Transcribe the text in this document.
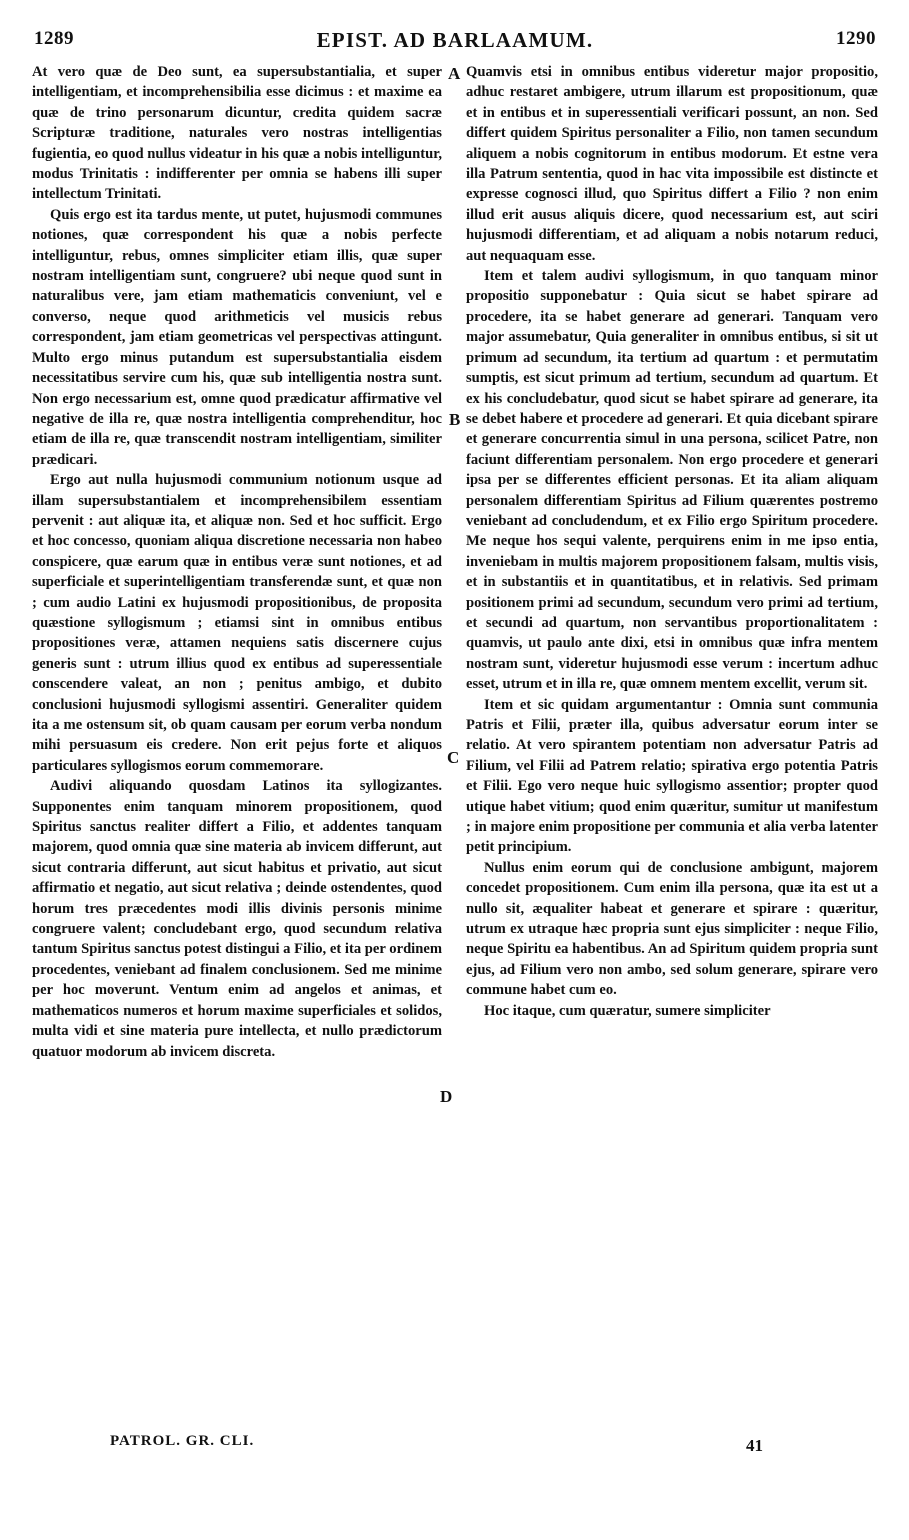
1289	EPIST. AD BARLAAMUM.	1290

At vero quæ de Deo sunt, ea supersubstantialia, et super intelligentiam, et incomprehensibilia esse dicimus : et maxime ea quæ de trino personarum dicuntur, credita quidem sacræ Scripturæ traditione, naturales vero nostras intelligentias fugientia, eo quod nullus videatur in his quæ a nobis intelliguntur, modus Trinitatis : indifferenter per omnia se habens illi super intellectum Trinitati.

Quis ergo est ita tardus mente, ut putet, hujusmodi communes notiones, quæ correspondent his quæ a nobis perfecte intelliguntur, rebus, omnes simpliciter etiam illis, quæ super nostram intelligentiam sunt, congruere? ubi neque quod sunt in naturalibus vere, jam etiam mathematicis conveniunt, vel e converso, neque quod arithmeticis vel musicis rebus correspondent, jam etiam geometricas vel perspectivas attingunt. Multo ergo minus putandum est supersubstantialia eisdem necessitatibus servire cum his, quæ sub intelligentia nostra sunt. Non ergo necessarium est, omne quod prædicatur affirmative vel negative de illa re, quæ nostra intelligentia comprehenditur, hoc etiam de illa re, quæ transcendit nostram intelligentiam, similiter prædicari.

Ergo aut nulla hujusmodi communium notionum usque ad illam supersubstantialem et incomprehensibilem essentiam pervenit : aut aliquæ ita, et aliquæ non. Sed et hoc sufficit. Ergo et hoc concesso, quoniam aliqua discretione necessaria non habeo conspicere, quæ earum quæ in entibus veræ sunt notiones, et ad superficiale et superintelligentiam transferendæ sunt, et quæ non ; cum audio Latini ex hujusmodi propositionibus, de proposita quæstione syllogismum ; etiamsi sint in omnibus entibus propositiones veræ, attamen nequiens satis discernere cujus generis sunt : utrum illius quod ex entibus ad superessentiale conscendere valeat, an non ; penitus ambigo, et dubito conclusioni hujusmodi syllogismi assentiri. Generaliter quidem ita a me ostensum sit, ob quam causam per eorum verba nondum mihi persuasum eis credere. Non erit pejus forte et aliquos particulares syllogismos eorum commemorare.

Audivi aliquando quosdam Latinos ita syllogizantes. Supponentes enim tanquam minorem propositionem, quod Spiritus sanctus realiter differt a Filio, et addentes tanquam majorem, quod omnia quæ sine materia ab invicem differunt, aut sicut contraria differunt, aut sicut habitus et privatio, aut sicut affirmatio et negatio, aut sicut relativa ; deinde ostendentes, quod horum tres præcedentes modi illis divinis personis minime congruere valent; concludebant ergo, quod secundum relativa tantum Spiritus sanctus potest distingui a Filio, et ita per ordinem procedentes, veniebant ad finalem conclusionem. Sed me minime per hoc moverunt. Ventum enim ad angelos et animas, et mathematicos numeros et horum maxime superficiales et solidos, multa vidi et sine materia pure intellecta, et nullo prædictorum quatuor modorum ab invicem discreta.

A
B
C
D

Quamvis etsi in omnibus entibus videretur major propositio, adhuc restaret ambigere, utrum illarum est propositionum, quæ et in entibus et in superessentiali verificari possunt, an non. Sed differt quidem Spiritus personaliter a Filio, non tamen secundum aliquem a nobis cognitorum in entibus modorum. Et estne vera illa Patrum sententia, quod in hac vita impossibile est distincte et expresse cognosci illud, quo Spiritus differt a Filio ? non enim illud erit ausus aliquis dicere, quod necessarium est, aut sciri hujusmodi differentiam, et ad aliquam a nobis notarum reduci, aut nequaquam esse.

Item et talem audivi syllogismum, in quo tanquam minor propositio supponebatur : Quia sicut se habet spirare ad procedere, ita se habet generare ad generari. Tanquam vero major assumebatur, Quia generaliter in omnibus entibus, si sit ut primum ad secundum, ita tertium ad quartum : et permutatim sumptis, est sicut primum ad tertium, secundum ad quartum. Et ex his concludebatur, quod sicut se habet spirare ad generare, ita se debet habere et procedere ad generari. Et quia dicebant spirare et generare concurrentia simul in una persona, scilicet Patre, non faciunt differentiam personalem. Non ergo procedere et generari ipsa per se differentes efficient personas. Et ita aliam aliquam personalem differentiam Spiritus ad Filium quærentes postremo veniebant ad concludendum, et ex Filio ergo Spiritum procedere. Me neque hos sequi valente, perquirens enim in me ipso entia, inveniebam in multis majorem propositionem falsam, multis visis, et in substantiis et in quantitatibus, et in relativis. Sed primam positionem primi ad secundum, secundum vero primi ad tertium, et secundi ad quartum, non servantibus proportionalitatem : quamvis, ut paulo ante dixi, etsi in omnibus quæ infra mentem nostram sunt, videretur hujusmodi esse verum : incertum adhuc esset, utrum et in illa re, quæ omnem mentem excellit, verum sit.

Item et sic quidam argumentantur : Omnia sunt communia Patris et Filii, præter illa, quibus adversatur eorum inter se relatio. At vero spirantem potentiam non adversatur Patris ad Filium, vel Filii ad Patrem relatio; spirativa ergo potentia Patris et Filii. Ego vero neque huic syllogismo assentior; propter quod utique habet vitium; quod enim quæritur, sumitur ut manifestum ; in majore enim propositione per communia et alia verba latenter petit principium.

Nullus enim eorum qui de conclusione ambigunt, majorem concedet propositionem. Cum enim illa persona, quæ ita est ut a nullo sit, æqualiter habeat et generare et spirare : quæritur, utrum ex utraque hæc propria sunt ejus simpliciter : neque Filio, neque Spiritu ea habentibus. An ad Spiritum quidem propria sunt ejus, ad Filium vero non ambo, sed solum generare, spirare vero commune habet cum eo.

Hoc itaque, cum quæratur, sumere simpliciter

PATROL. GR. CLI.	41
